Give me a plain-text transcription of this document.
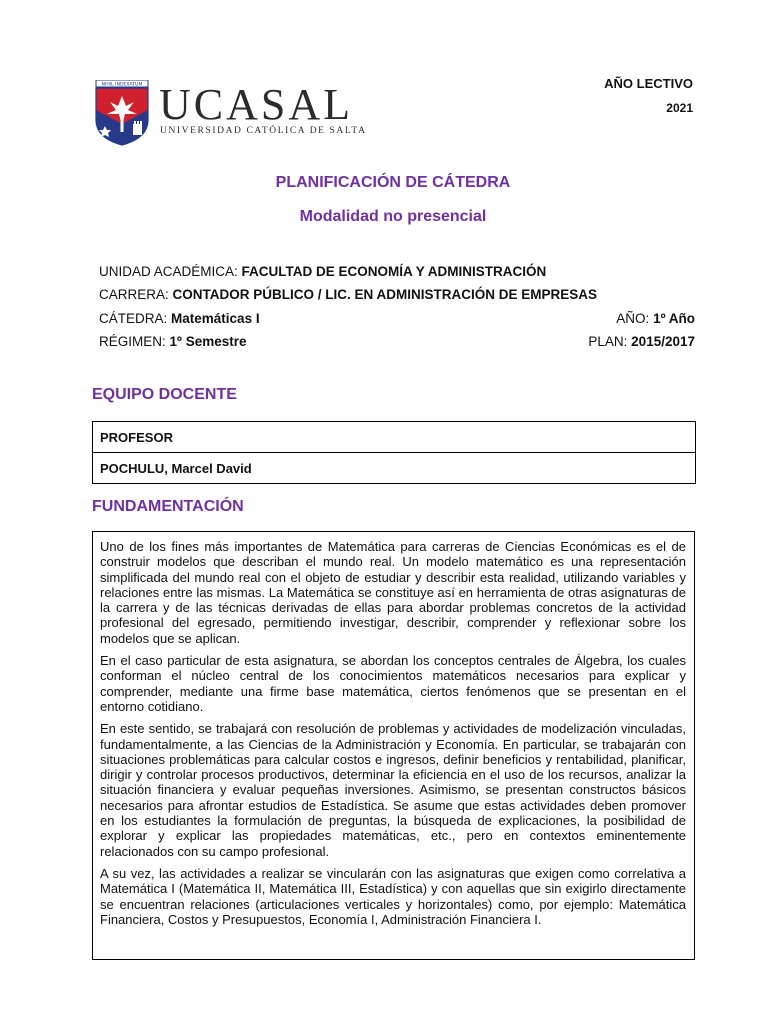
NIHIL INDEXATUM UCASAL
UNIVERSIDAD CATÓLICA DE SALTA
AÑO LECTIVO
2021
PLANIFICACIÓN DE CÁTEDRA
Modalidad no presencial
UNIDAD ACADÉMICA: FACULTAD DE ECONOMÍA Y ADMINISTRACIÓN
CARRERA: CONTADOR PÚBLICO / LIC. EN ADMINISTRACIÓN DE EMPRESAS
CÁTEDRA: Matemáticas I	AÑO: 1º Año
RÉGIMEN: 1º Semestre	PLAN: 2015/2017
EQUIPO DOCENTE
PROFESOR
POCHULU, Marcel David
FUNDAMENTACIÓN

Uno de los fines más importantes de Matemática para carreras de Ciencias Económicas es el de construir modelos que describan el mundo real. Un modelo matemático es una representación simplificada del mundo real con el objeto de estudiar y describir esta realidad, utilizando variables y relaciones entre las mismas. La Matemática se constituye así en herramienta de otras asignaturas de la carrera y de las técnicas derivadas de ellas para abordar problemas concretos de la actividad profesional del egresado, permitiendo investigar, describir, comprender y reflexionar sobre los modelos que se aplican.

En el caso particular de esta asignatura, se abordan los conceptos centrales de Álgebra, los cuales conforman el núcleo central de los conocimientos matemáticos necesarios para explicar y comprender, mediante una firme base matemática, ciertos fenómenos que se presentan en el entorno cotidiano.

En este sentido, se trabajará con resolución de problemas y actividades de modelización vinculadas, fundamentalmente, a las Ciencias de la Administración y Economía. En particular, se trabajarán con situaciones problemáticas para calcular costos e ingresos, definir beneficios y rentabilidad, planificar, dirigir y controlar procesos productivos, determinar la eficiencia en el uso de los recursos, analizar la situación financiera y evaluar pequeñas inversiones. Asimismo, se presentan constructos básicos necesarios para afrontar estudios de Estadística. Se asume que estas actividades deben promover en los estudiantes la formulación de preguntas, la búsqueda de explicaciones, la posibilidad de explorar y explicar las propiedades matemáticas, etc., pero en contextos eminentemente relacionados con su campo profesional.

A su vez, las actividades a realizar se vincularán con las asignaturas que exigen como correlativa a Matemática I (Matemática II, Matemática III, Estadística) y con aquellas que sin exigirlo directamente se encuentran relaciones (articulaciones verticales y horizontales) como, por ejemplo: Matemática Financiera, Costos y Presupuestos, Economía I, Administración Financiera I.
